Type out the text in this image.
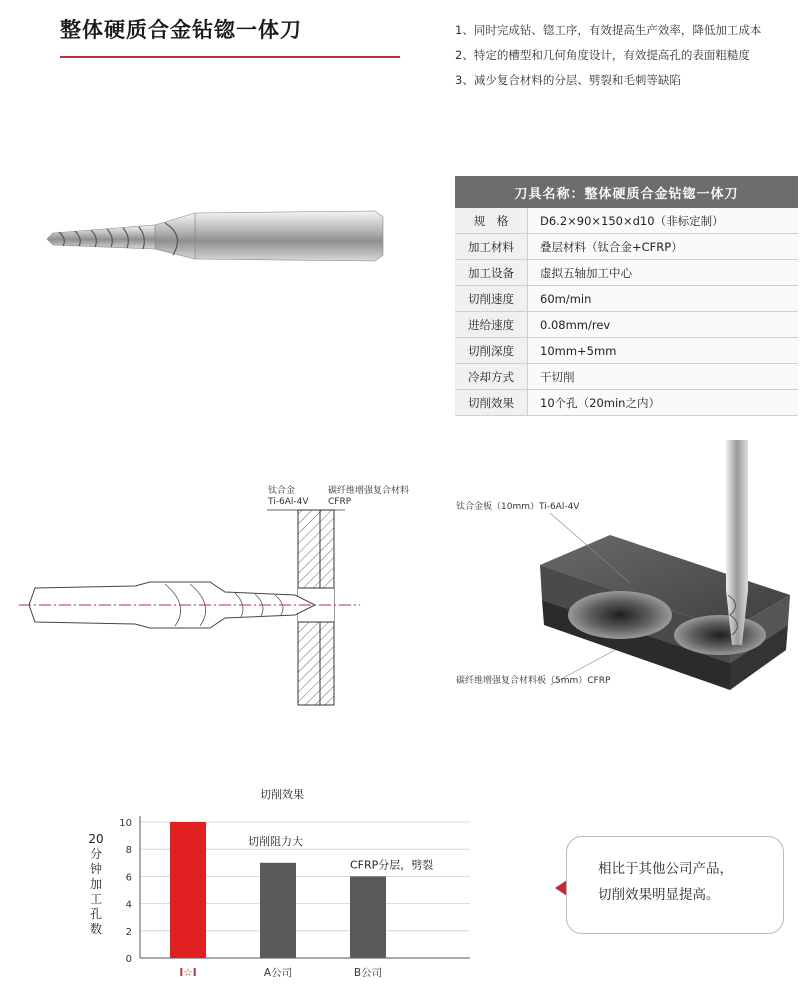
整体硬质合金钻锪一体刀	1、同时完成钻、锪工序，有效提高生产效率，降低加工成本
2、特定的槽型和几何角度设计，有效提高孔的表面粗糙度
3、减少复合材料的分层、劈裂和毛刺等缺陷
刀具名称：整体硬质合金钻锪一体刀	
规　格	D6.2×90×150×d10（非标定制）
加工材料	叠层材料（钛合金+CFRP）
加工设备	虚拟五轴加工中心
切削速度	60m/min
进给速度	0.08mm/rev
切削深度	10mm+5mm
冷却方式	干切削
切削效果	10个孔（20min之内）
钛合金
Ti-6Al-4V
碳纤维增强复合材料
CFRP	钛合金板（10mm）Ti-6Al-4V
碳纤维增强复合材料板（5mm）CFRP
切削效果
0
2
4
6
8
10
Ⅰ☆Ⅰ	A公司	B公司
切削阻力大
CFRP分层，劈裂
20分钟加工孔数
相比于其他公司产品，
切削效果明显提高。
